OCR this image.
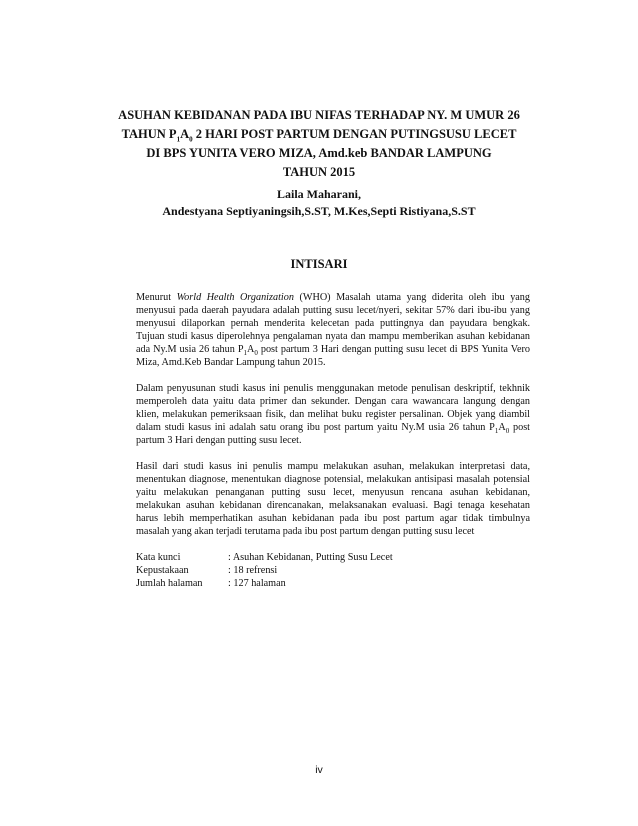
ASUHAN KEBIDANAN PADA IBU NIFAS TERHADAP NY. M UMUR 26
TAHUN $P_1A_0$ 2 HARI POST PARTUM DENGAN PUTINGSUSU LECET
DI BPS YUNITA VERO MIZA, Amd.keb BANDAR LAMPUNG
TAHUN 2015
Laila Maharani,
Andestyana Septiyaningsih,S.ST, M.Kes,Septi Ristiyana,S.ST
INTISARI

Menurut World Health Organization (WHO) Masalah utama yang diderita oleh ibu yang menyusui pada daerah payudara adalah putting susu lecet/nyeri, sekitar 57% dari ibu-ibu yang menyusui dilaporkan pernah menderita kelecetan pada puttingnya dan payudara bengkak. Tujuan studi kasus diperolehnya pengalaman nyata dan mampu memberikan asuhan kebidanan ada Ny.M usia 26 tahun $P_1A_0$ post partum 3 Hari dengan putting susu lecet di BPS Yunita Vero Miza, Amd.Keb Bandar Lampung tahun 2015.

Dalam penyusunan studi kasus ini penulis menggunakan metode penulisan deskriptif, tekhnik memperoleh data yaitu data primer dan sekunder. Dengan cara wawancara langung dengan klien, melakukan pemeriksaan fisik, dan melihat buku register persalinan. Objek yang diambil dalam studi kasus ini adalah satu orang ibu post partum yaitu Ny.M usia 26 tahun $P_1A_0$ post partum 3 Hari dengan putting susu lecet.

Hasil dari studi kasus ini penulis mampu melakukan asuhan, melakukan interpretasi data, menentukan diagnose, menentukan diagnose potensial, melakukan antisipasi masalah potensial yaitu melakukan penanganan putting susu lecet, menyusun rencana asuhan kebidanan, melakukan asuhan kebidanan direncanakan, melaksanakan evaluasi. Bagi tenaga kesehatan harus lebih memperhatikan asuhan kebidanan pada ibu post partum agar tidak timbulnya masalah yang akan terjadi terutama pada ibu post partum dengan putting susu lecet

Kata kunci	: Asuhan Kebidanan, Putting Susu Lecet
Kepustakaan	: 18 refrensi
Jumlah halaman	: 127 halaman
iv
